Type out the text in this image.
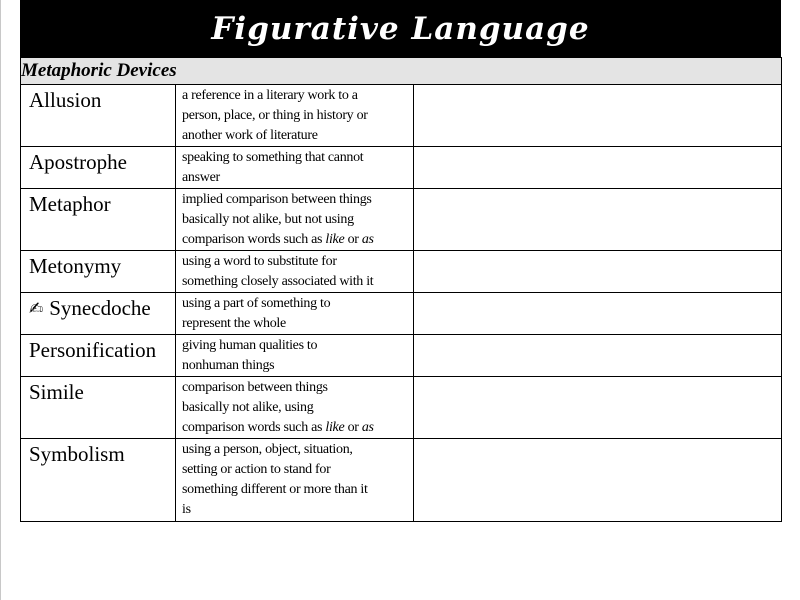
Figurative Language
Metaphoric Devices		
Allusion	a reference in a literary work to a
person, place, or thing in history or
another work of literature	

Apostrophe	speaking to something that cannot
answer	

Metaphor	implied comparison between things
basically not alike, but not using
comparison words such as like or as	

Metonymy	using a word to substitute for
something closely associated with it	

✍ Synecdoche	using a part of something to
represent the whole	

Personification	giving human qualities to
nonhuman things	

Simile	comparison between things
basically not alike, using
comparison words such as like or as	

Symbolism	using a person, object, situation,
setting or action to stand for
something different or more than it
is	
